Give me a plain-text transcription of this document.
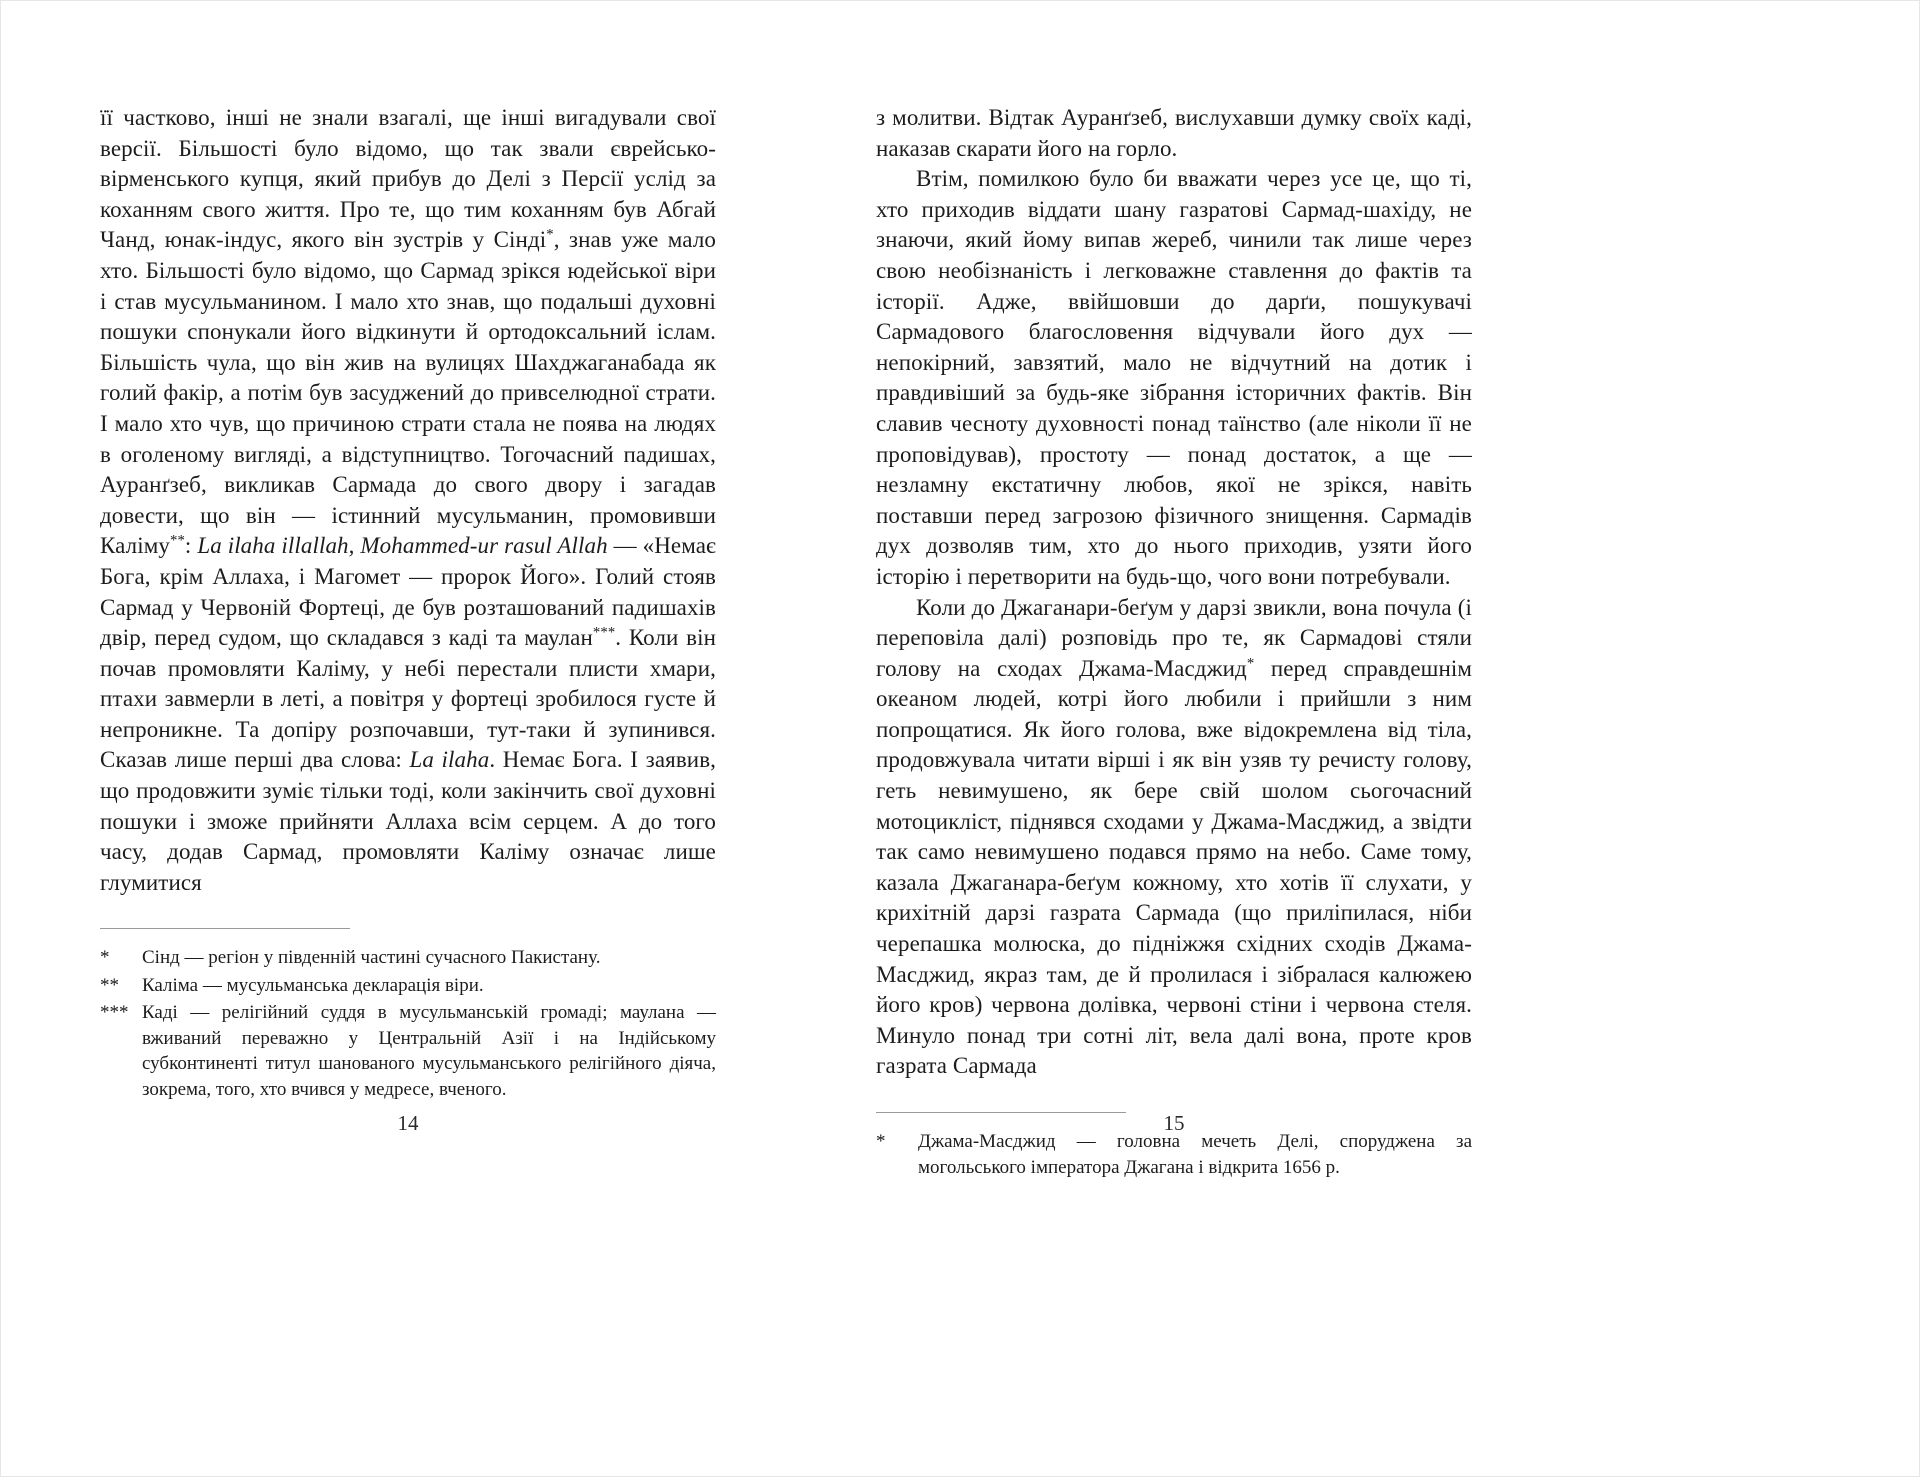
її частково, інші не знали взагалі, ще інші вигадували свої версії. Більшості було відомо, що так звали єврейсько-вірменського купця, який прибув до Делі з Персії услід за коханням свого життя. Про те, що тим коханням був Абгай Чанд, юнак-індус, якого він зустрів у Сінді*, знав уже мало хто. Більшості було відомо, що Сармад зрікся юдейської віри і став мусульманином. І мало хто знав, що подальші духовні пошуки спонукали його відкинути й ортодоксальний іслам. Більшість чула, що він жив на вулицях Шахджаганабада як голий факір, а потім був засуджений до привселюдної страти. І мало хто чув, що причиною страти стала не поява на людях в оголеному вигляді, а відступництво. Тогочасний падишах, Ауранґзеб, викликав Сармада до свого двору і загадав довести, що він — істинний мусульманин, промовивши Каліму**: La ilaha illallah, Mohammed-ur rasul Allah — «Немає Бога, крім Аллаха, і Магомет — пророк Його». Голий стояв Сармад у Червоній Фортеці, де був розташований падишахів двір, перед судом, що складався з каді та маулан***. Коли він почав промовляти Каліму, у небі перестали плисти хмари, птахи завмерли в леті, а повітря у фортеці зробилося густе й непроникне. Та допіру розпочавши, тут-таки й зупинився. Сказав лише перші два слова: La ilaha. Немає Бога. І заявив, що продовжити зуміє тільки тоді, коли закінчить свої духовні пошуки і зможе прийняти Аллаха всім серцем. А до того часу, додав Сармад, промовляти Каліму означає лише глумитися

*	Сінд — регіон у південній частині сучасного Пакистану.
**	Каліма — мусульманська декларація віри.
*** Каді — релігійний суддя в мусульманській громаді; маулана — вживаний переважно у Центральній Азії і на Індійському субконтиненті титул шанованого мусульманського релігійного діяча, зокрема, того, хто вчився у медресе, вченого.
14

з молитви. Відтак Ауранґзеб, вислухавши думку своїх каді, наказав скарати його на горло.

Втім, помилкою було би вважати через усе це, що ті, хто приходив віддати шану газратові Сармад-шахіду, не знаючи, який йому випав жереб, чинили так лише через свою необізнаність і легковажне ставлення до фактів та історії. Адже, ввійшовши до дарґи, пошукувачі Сармадового благословення відчували його дух — непокірний, завзятий, мало не відчутний на дотик і правдивіший за будь-яке зібрання історичних фактів. Він славив чесноту духовності понад таїнство (але ніколи її не проповідував), простоту — понад достаток, а ще — незламну екстатичну любов, якої не зрікся, навіть поставши перед загрозою фізичного знищення. Сармадів дух дозволяв тим, хто до нього приходив, узяти його історію і перетворити на будь-що, чого вони потребували.

Коли до Джаганари-беґум у дарзі звикли, вона почула (і переповіла далі) розповідь про те, як Сармадові стяли голову на сходах Джама-Масджид* перед справдешнім океаном людей, котрі його любили і прийшли з ним попрощатися. Як його голова, вже відокремлена від тіла, продовжувала читати вірші і як він узяв ту речисту голову, геть невимушено, як бере свій шолом сьогочасний мотоцикліст, піднявся сходами у Джама-Масджид, а звідти так само невимушено подався прямо на небо. Саме тому, казала Джаганара-беґум кожному, хто хотів її слухати, у крихітній дарзі газрата Сармада (що приліпилася, ніби черепашка молюска, до підніжжя східних сходів Джама-Масджид, якраз там, де й пролилася і зібралася калюжею його кров) червона долівка, червоні стіни і червона стеля. Минуло понад три сотні літ, вела далі вона, проте кров газрата Сармада

*	Джама-Масджид — головна мечеть Делі, споруджена за могольського імператора Джагана і відкрита 1656 р.
15
